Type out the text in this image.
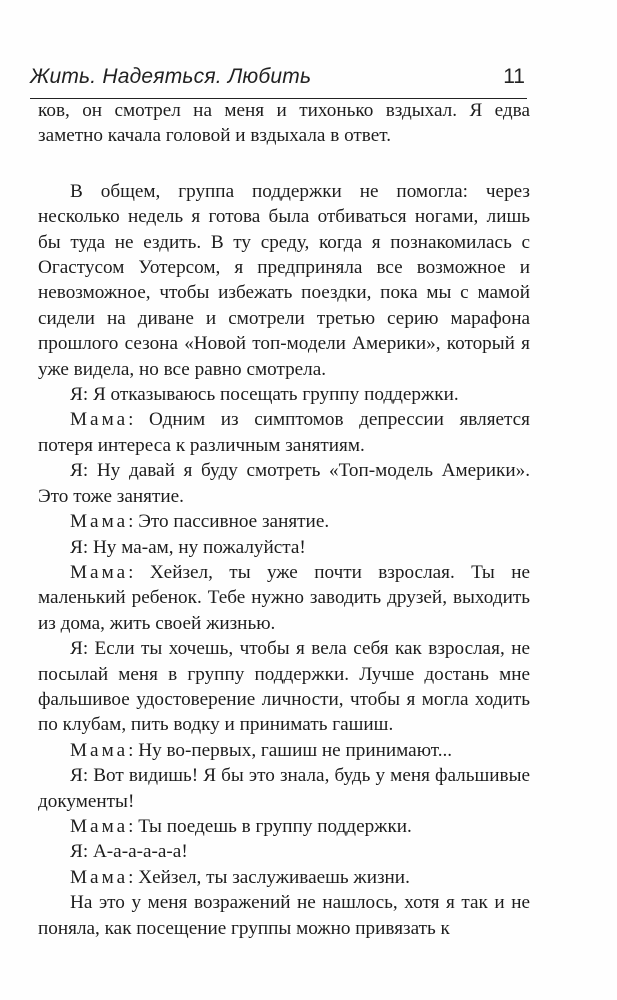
Жить. Надеяться. Любить	11

ков, он смотрел на меня и тихонько вздыхал. Я едва заметно качала головой и вздыхала в ответ.

В общем, группа поддержки не помогла: через несколько недель я готова была отбиваться ногами, лишь бы туда не ездить. В ту среду, когда я познакомилась с Огастусом Уотерсом, я предприняла все возможное и невозможное, чтобы избежать поездки, пока мы с мамой сидели на диване и смотрели третью серию марафона прошлого сезона «Новой топ-модели Америки», который я уже видела, но все равно смотрела.

Я: Я отказываюсь посещать группу поддержки.

Мама: Одним из симптомов депрессии является потеря интереса к различным занятиям.

Я: Ну давай я буду смотреть «Топ-модель Америки». Это тоже занятие.

Мама: Это пассивное занятие.

Я: Ну ма-ам, ну пожалуйста!

Мама: Хейзел, ты уже почти взрослая. Ты не маленький ребенок. Тебе нужно заводить друзей, выходить из дома, жить своей жизнью.

Я: Если ты хочешь, чтобы я вела себя как взрослая, не посылай меня в группу поддержки. Лучше достань мне фальшивое удостоверение личности, чтобы я могла ходить по клубам, пить водку и принимать гашиш.

Мама: Ну во-первых, гашиш не принимают...

Я: Вот видишь! Я бы это знала, будь у меня фальшивые документы!

Мама: Ты поедешь в группу поддержки.

Я: А-а-а-а-а-а!

Мама: Хейзел, ты заслуживаешь жизни.

На это у меня возражений не нашлось, хотя я так и не поняла, как посещение группы можно привязать к
